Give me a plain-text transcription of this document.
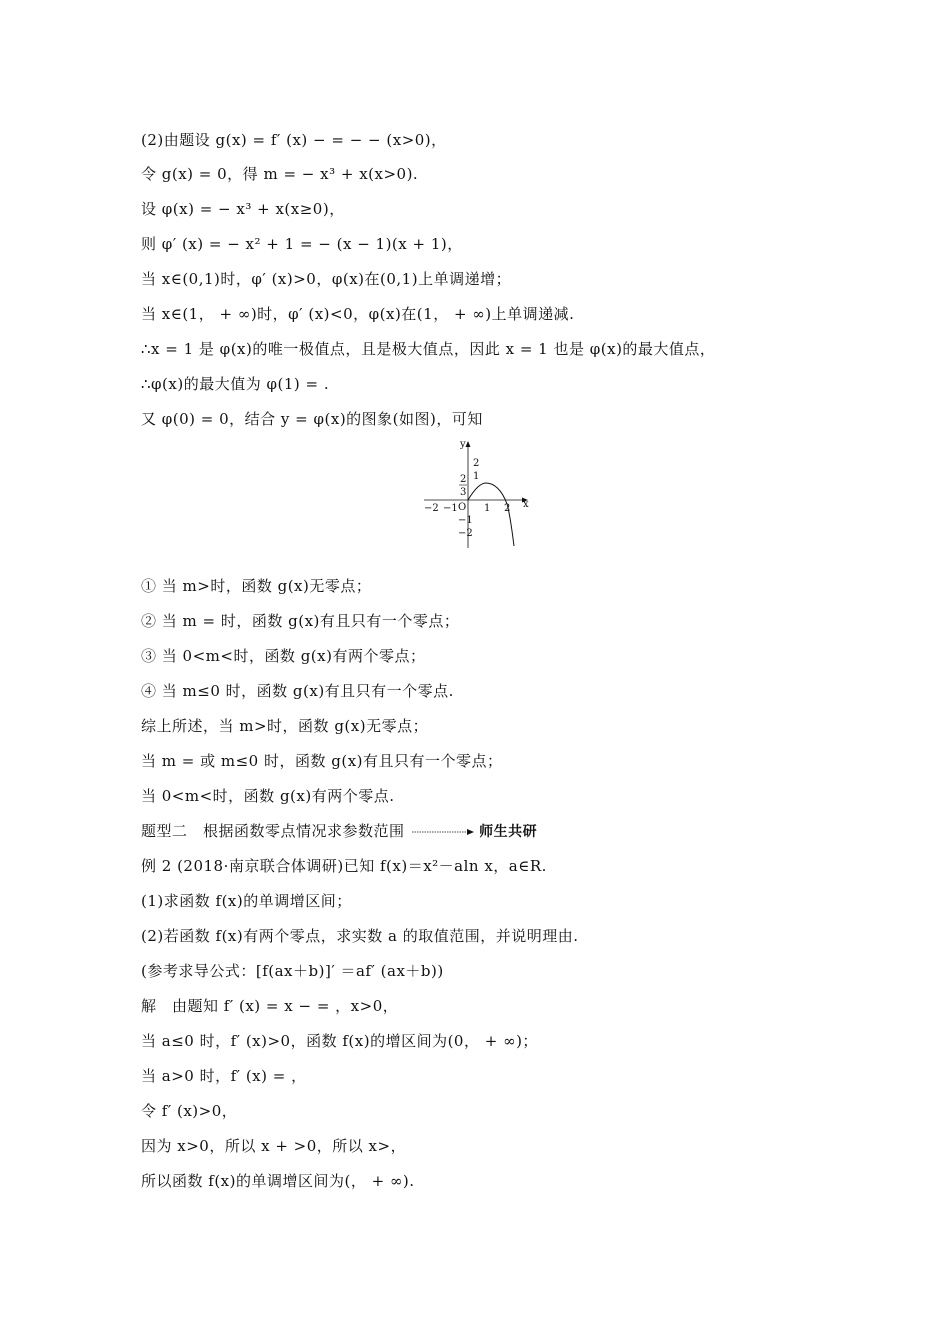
(2)由题设 g(x) = f′ (x) − = − − (x>0)，
令 g(x) = 0，得 m = − x³ + x(x>0).
设 φ(x) = − x³ + x(x≥0)，
则 φ′ (x) = − x² + 1 = − (x − 1)(x + 1)，
当 x∈(0,1)时，φ′ (x)>0，φ(x)在(0,1)上单调递增；
当 x∈(1， + ∞)时，φ′ (x)<0，φ(x)在(1， + ∞)上单调递减.
∴x = 1 是 φ(x)的唯一极值点，且是极大值点，因此 x = 1 也是 φ(x)的最大值点，
∴φ(x)的最大值为 φ(1) = .
又 φ(0) = 0，结合 y = φ(x)的图象(如图)，可知
y
x
O
−2 −1	1 2
2
1
−1
−2
2
3
① 当 m>时，函数 g(x)无零点；
② 当 m = 时，函数 g(x)有且只有一个零点；
③ 当 0<m<时，函数 g(x)有两个零点；
④ 当 m≤0 时，函数 g(x)有且只有一个零点.
综上所述，当 m>时，函数 g(x)无零点；
当 m = 或 m≤0 时，函数 g(x)有且只有一个零点；
当 0<m<时，函数 g(x)有两个零点.
题型二　根据函数零点情况求参数范围	师生共研
例 2 (2018·南京联合体调研)已知 f(x)＝x²－aln x，a∈R.
(1)求函数 f(x)的单调增区间；
(2)若函数 f(x)有两个零点，求实数 a 的取值范围，并说明理由.
(参考求导公式：[f(ax＋b)]′ ＝af′ (ax＋b))
解　由题知 f′ (x) = x − = ，x>0，
当 a≤0 时，f′ (x)>0，函数 f(x)的增区间为(0， + ∞)；
当 a>0 时，f′ (x) = ，
令 f′ (x)>0，
因为 x>0，所以 x + >0，所以 x>，
所以函数 f(x)的单调增区间为(， + ∞).
